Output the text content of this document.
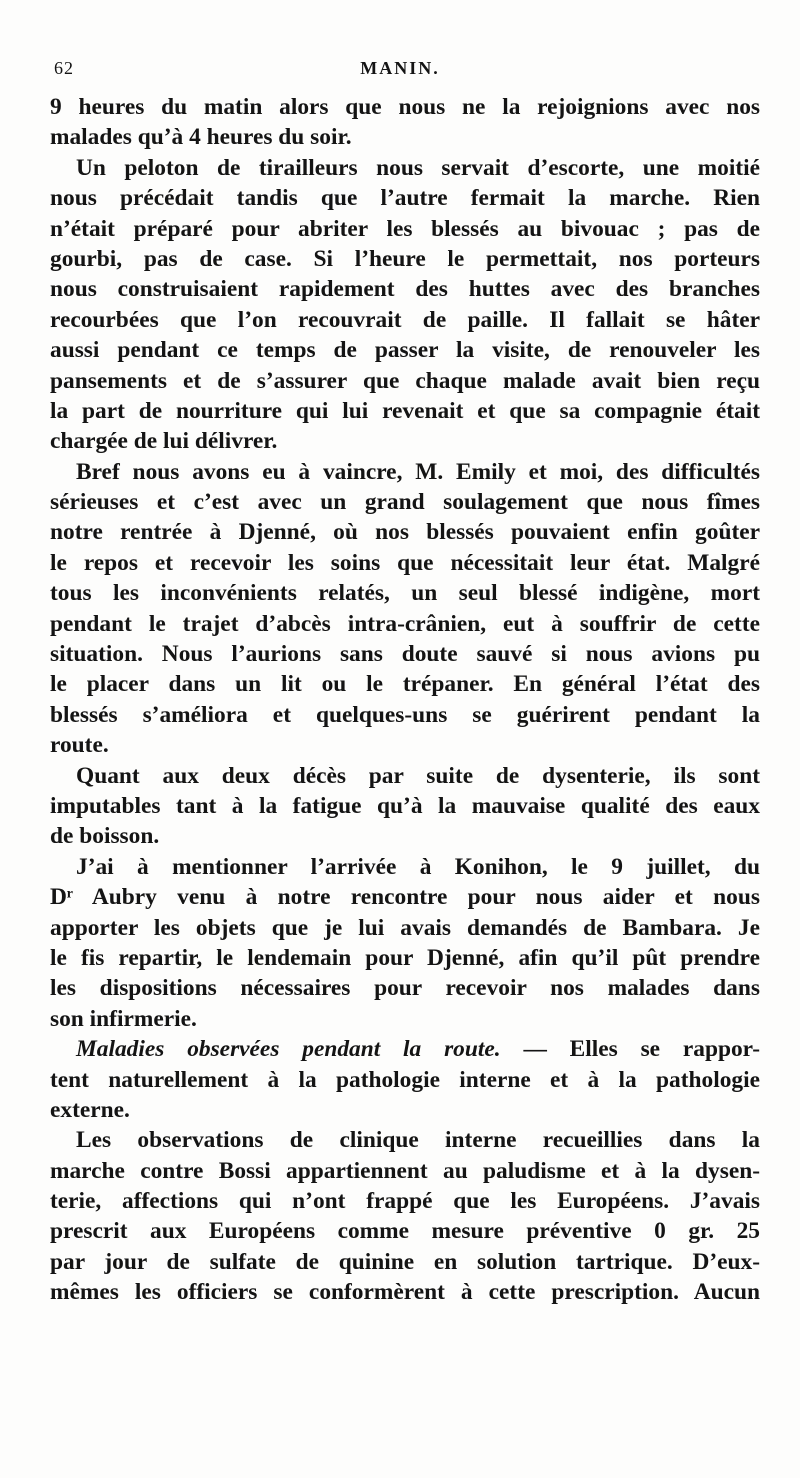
62	MANIN.
9 heures du matin alors que nous ne la rejoignions avec nos
malades qu’à 4 heures du soir.
Un peloton de tirailleurs nous servait d’escorte, une moitié
nous précédait tandis que l’autre fermait la marche. Rien
n’était préparé pour abriter les blessés au bivouac ; pas de
gourbi, pas de case. Si l’heure le permettait, nos porteurs
nous construisaient rapidement des huttes avec des branches
recourbées que l’on recouvrait de paille. Il fallait se hâter
aussi pendant ce temps de passer la visite, de renouveler les
pansements et de s’assurer que chaque malade avait bien reçu
la part de nourriture qui lui revenait et que sa compagnie était
chargée de lui délivrer.
Bref nous avons eu à vaincre, M. Emily et moi, des difficultés
sérieuses et c’est avec un grand soulagement que nous fîmes
notre rentrée à Djenné, où nos blessés pouvaient enfin goûter
le repos et recevoir les soins que nécessitait leur état. Malgré
tous les inconvénients relatés, un seul blessé indigène, mort
pendant le trajet d’abcès intra-crânien, eut à souffrir de cette
situation. Nous l’aurions sans doute sauvé si nous avions pu
le placer dans un lit ou le trépaner. En général l’état des
blessés s’améliora et quelques-uns se guérirent pendant la
route.
Quant aux deux décès par suite de dysenterie, ils sont
imputables tant à la fatigue qu’à la mauvaise qualité des eaux
de boisson.
J’ai à mentionner l’arrivée à Konihon, le 9 juillet, du
Dʳ Aubry venu à notre rencontre pour nous aider et nous
apporter les objets que je lui avais demandés de Bambara. Je
le fis repartir, le lendemain pour Djenné, afin qu’il pût prendre
les dispositions nécessaires pour recevoir nos malades dans
son infirmerie.
Maladies observées pendant la route. — Elles se rappor-
tent naturellement à la pathologie interne et à la pathologie
externe.
Les observations de clinique interne recueillies dans la
marche contre Bossi appartiennent au paludisme et à la dysen-
terie, affections qui n’ont frappé que les Européens. J’avais
prescrit aux Européens comme mesure préventive 0 gr. 25
par jour de sulfate de quinine en solution tartrique. D’eux-
mêmes les officiers se conformèrent à cette prescription. Aucun
